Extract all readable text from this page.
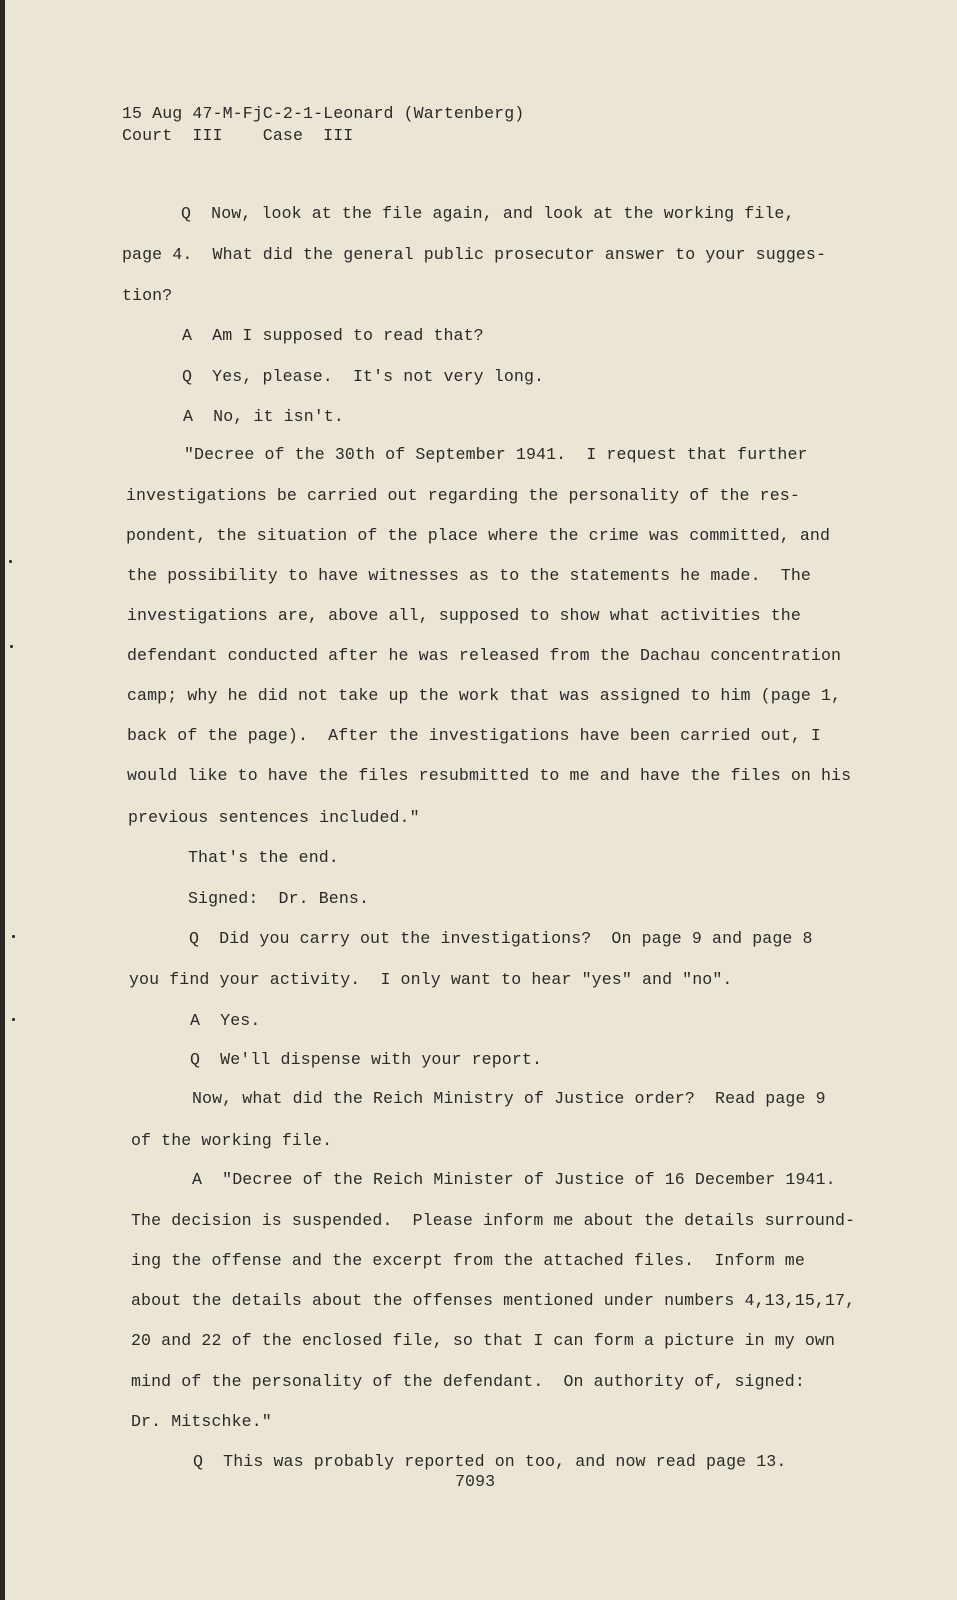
15 Aug 47-M-FjC-2-1-Leonard (Wartenberg)
Court  III    Case  III
Q  Now, look at the file again, and look at the working file,
page 4.  What did the general public prosecutor answer to your sugges-
tion?
A  Am I supposed to read that?
Q  Yes, please.  It's not very long.
A  No, it isn't.
"Decree of the 30th of September 1941.  I request that further
investigations be carried out regarding the personality of the res-
pondent, the situation of the place where the crime was committed, and
the possibility to have witnesses as to the statements he made.  The
investigations are, above all, supposed to show what activities the
defendant conducted after he was released from the Dachau concentration
camp; why he did not take up the work that was assigned to him (page 1,
back of the page).  After the investigations have been carried out, I
would like to have the files resubmitted to me and have the files on his
previous sentences included."
That's the end.
Signed:  Dr. Bens.
Q  Did you carry out the investigations?  On page 9 and page 8
you find your activity.  I only want to hear "yes" and "no".
A  Yes.
Q  We'll dispense with your report.
Now, what did the Reich Ministry of Justice order?  Read page 9
of the working file.
A  "Decree of the Reich Minister of Justice of 16 December 1941.
The decision is suspended.  Please inform me about the details surround-
ing the offense and the excerpt from the attached files.  Inform me
about the details about the offenses mentioned under numbers 4,13,15,17,
20 and 22 of the enclosed file, so that I can form a picture in my own
mind of the personality of the defendant.  On authority of, signed:
Dr. Mitschke."
Q  This was probably reported on too, and now read page 13.
7093
